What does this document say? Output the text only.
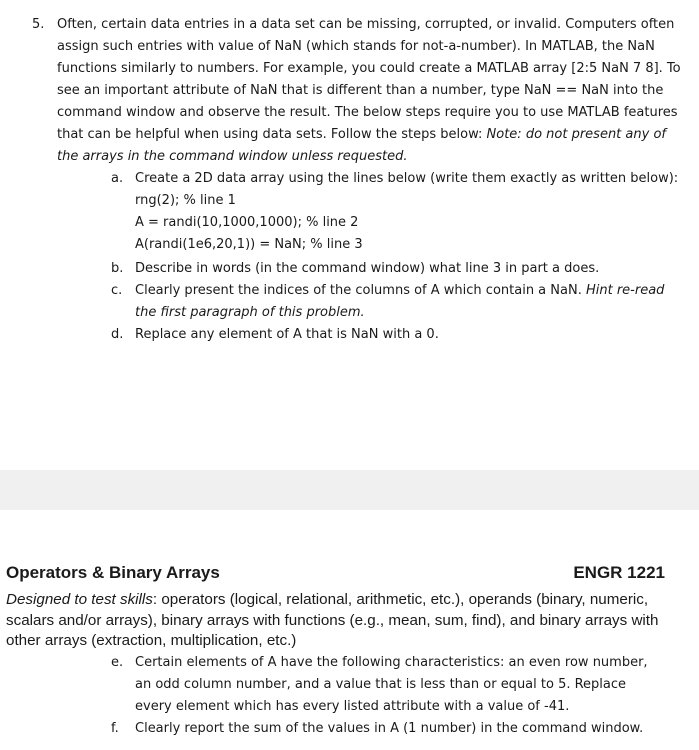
5. Often, certain data entries in a data set can be missing, corrupted, or invalid. Computers often assign such entries with value of NaN (which stands for not-a-number). In MATLAB, the NaN functions similarly to numbers. For example, you could create a MATLAB array [2:5 NaN 7 8]. To see an important attribute of NaN that is different than a number, type NaN == NaN into the command window and observe the result. The below steps require you to use MATLAB features that can be helpful when using data sets. Follow the steps below: Note: do not present any of the arrays in the command window unless requested.

a. Create a 2D data array using the lines below (write them exactly as written below):
rng(2); % line 1
A = randi(10,1000,1000); % line 2
A(randi(1e6,20,1)) = NaN; % line 3
b. Describe in words (in the command window) what line 3 in part a does.
c. Clearly present the indices of the columns of A which contain a NaN. Hint re-read the first paragraph of this problem.
d. Replace any element of A that is NaN with a 0.
Operators & Binary Arrays	ENGR 1221
Designed to test skills: operators (logical, relational, arithmetic, etc.), operands (binary, numeric, scalars and/or arrays), binary arrays with functions (e.g., mean, sum, find), and binary arrays with other arrays (extraction, multiplication, etc.)
e. Certain elements of A have the following characteristics: an even row number, an odd column number, and a value that is less than or equal to 5. Replace every element which has every listed attribute with a value of -41.
f. Clearly report the sum of the values in A (1 number) in the command window.
